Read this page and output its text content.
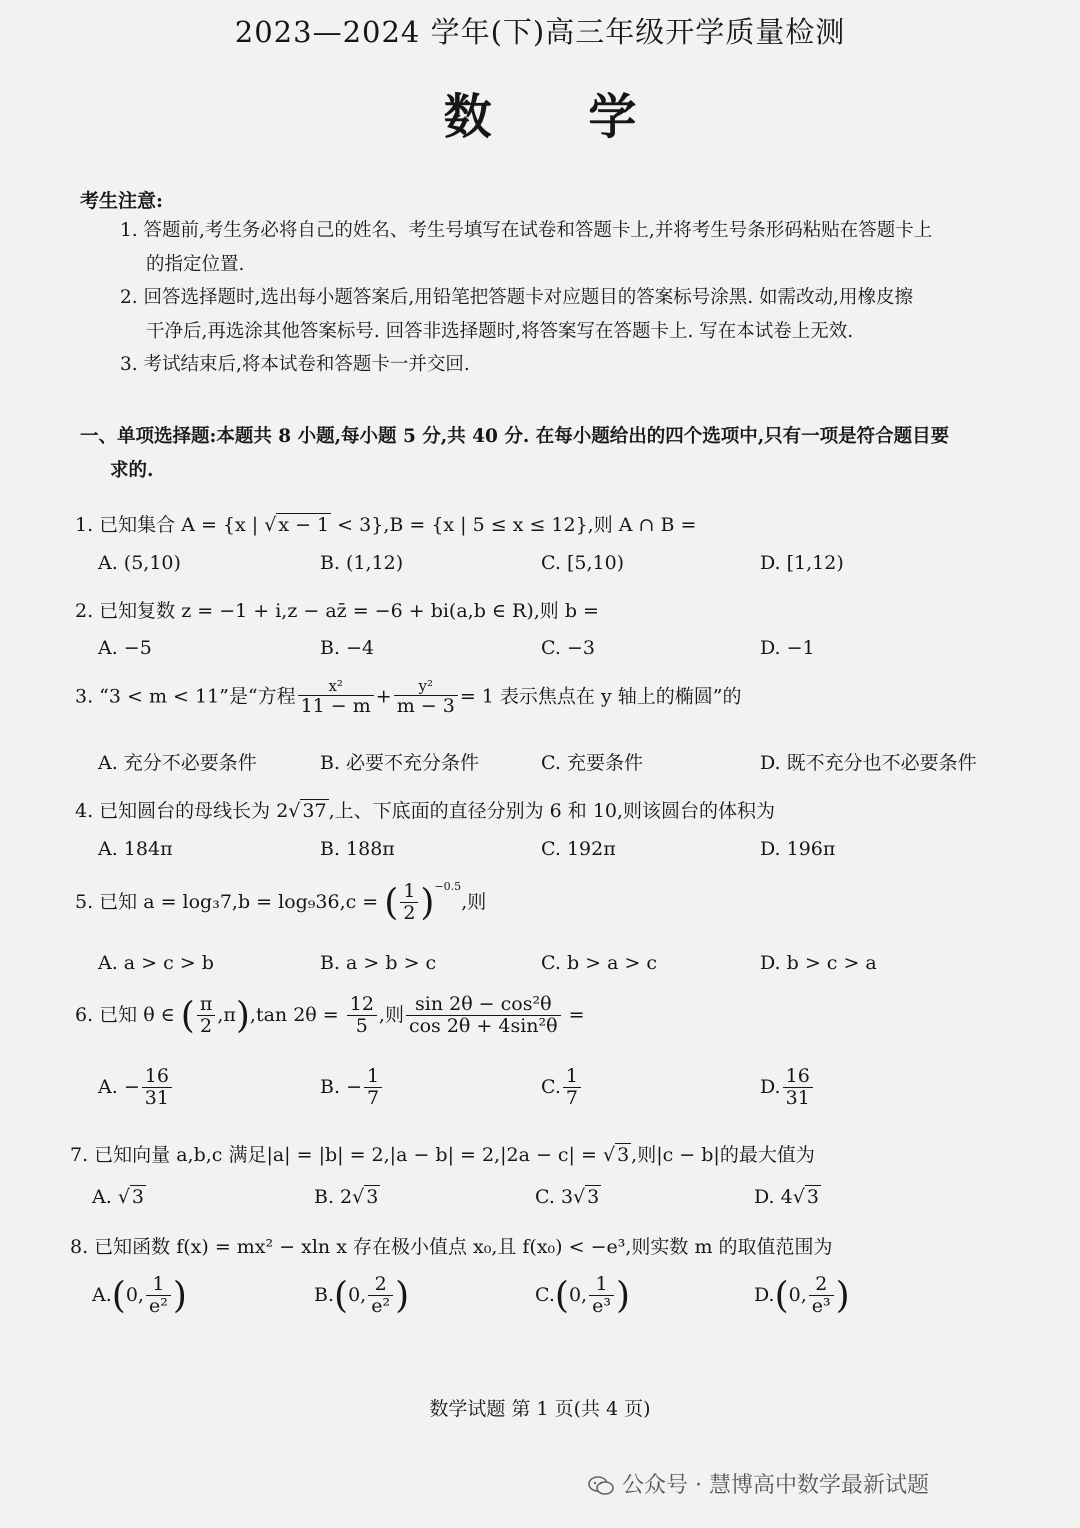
2023—2024 学年(下)高三年级开学质量检测
数 学
考生注意:
1. 答题前,考生务必将自己的姓名、考生号填写在试卷和答题卡上,并将考生号条形码粘贴在答题卡上
的指定位置.
2. 回答选择题时,选出每小题答案后,用铅笔把答题卡对应题目的答案标号涂黑. 如需改动,用橡皮擦
干净后,再选涂其他答案标号. 回答非选择题时,将答案写在答题卡上. 写在本试卷上无效.
3. 考试结束后,将本试卷和答题卡一并交回.
一、单项选择题:本题共 8 小题,每小题 5 分,共 40 分. 在每小题给出的四个选项中,只有一项是符合题目要
求的.
1. 已知集合 A = {x | √ x − 1 < 3},B = {x | 5 ≤ x ≤ 12},则 A ∩ B =
A. (5,10)	B. (1,12)	C. [5,10)	D. [1,12)
2. 已知复数 z = −1 + i,z − az̄ = −6 + bi(a,b ∈ R),则 b =
A. −5	B. −4	C. −3	D. −1
3. “3 < m < 11”是“方程 $\frac{\text{x²}}{11 - m} + \frac{\text{y²}}{m - 3} = 1$ 表示焦点在 y 轴上的椭圆”的
A. 充分不必要条件	B. 必要不充分条件	C. 充要条件	D. 既不充分也不必要条件
4. 已知圆台的母线长为 2√ 37 ,上、下底面的直径分别为 6 和 10,则该圆台的体积为
A. 184π	B. 188π	C. 192π	D. 196π
5. 已知 a = log₃7,b = log₉36,c = ( $\frac{1}{2} )^{-0.5}$,则
A. a > c > b	B. a > b > c	C. b > a > c	D. b > c > a
6. 已知 θ ∈ ( $\frac{\pi}{2} ,\pi),\tan$ $2\theta = \frac{12}{5}$ ,则 $\frac{\text{sin 2θ − cos²θ}}{\text{cos 2θ + 4sin²θ}}$ =
A. − $\frac{16}{31}$	B. − $\frac{1}{7}$	C. $\frac{1}{7}$	D. $\frac{16}{31}$
7. 已知向量 a,b,c 满足|a| = |b| = 2,|a − b| = 2,|2a − c| = √ 3 ,则|c − b|的最大值为
A. √ 3	B. 2√ 3	C. 3√ 3	D. 4√ 3
8. 已知函数 f(x) = mx² − xln x 存在极小值点 x₀,且 f(x₀) < −e³,则实数 m 的取值范围为
A.(0, $\frac{1}{\text{e²}}$ )	B.(0, $\frac{2}{\text{e²}}$ )	C.(0, $\frac{1}{\text{e³}}$ )	D.(0, $\frac{2}{\text{e³}}$ )
数学试题 第 1 页(共 4 页)
公众号 · 慧博高中数学最新试题
